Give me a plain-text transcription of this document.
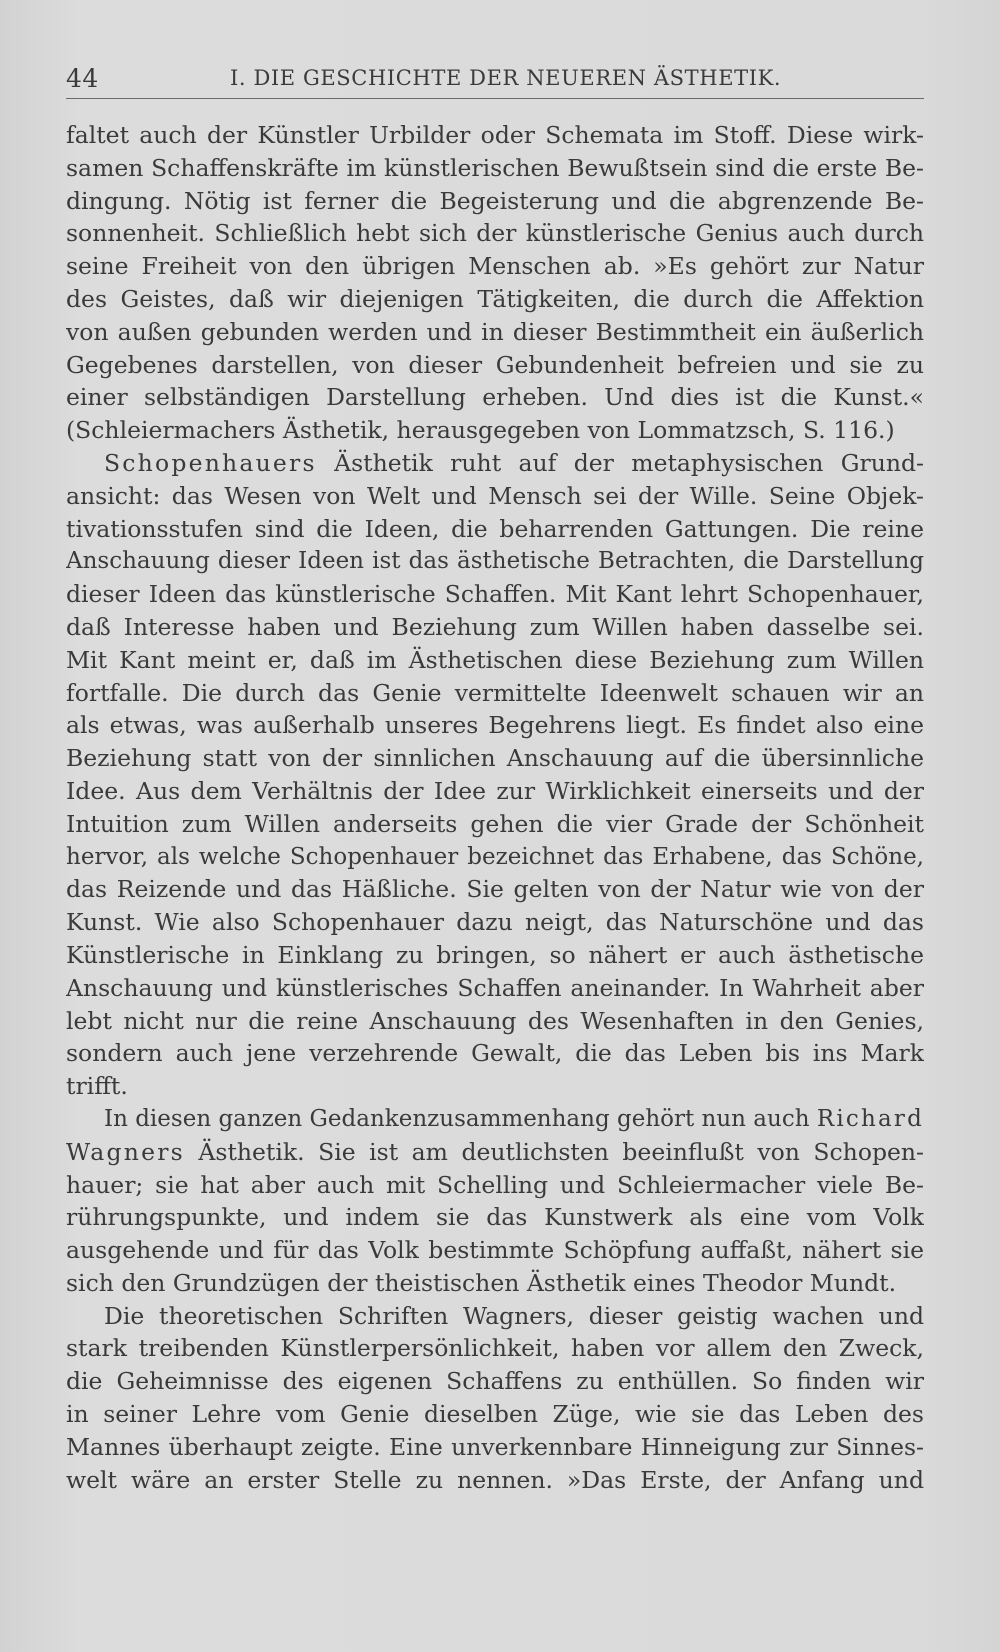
44	I. DIE GESCHICHTE DER NEUEREN ÄSTHETIK.
faltet auch der Künstler Urbilder oder Schemata im Stoff. Diese wirk-
samen Schaffenskräfte im künstlerischen Bewußtsein sind die erste Be-
dingung. Nötig ist ferner die Begeisterung und die abgrenzende Be-
sonnenheit. Schließlich hebt sich der künstlerische Genius auch durch
seine Freiheit von den übrigen Menschen ab. »Es gehört zur Natur
des Geistes, daß wir diejenigen Tätigkeiten, die durch die Affektion
von außen gebunden werden und in dieser Bestimmtheit ein äußerlich
Gegebenes darstellen, von dieser Gebundenheit befreien und sie zu
einer selbständigen Darstellung erheben. Und dies ist die Kunst.«
(Schleiermachers Ästhetik, herausgegeben von Lommatzsch, S. 116.)
Schopenhauers Ästhetik ruht auf der metaphysischen Grund-
ansicht: das Wesen von Welt und Mensch sei der Wille. Seine Objek-
tivationsstufen sind die Ideen, die beharrenden Gattungen. Die reine
Anschauung dieser Ideen ist das ästhetische Betrachten, die Darstellung
dieser Ideen das künstlerische Schaffen. Mit Kant lehrt Schopenhauer,
daß Interesse haben und Beziehung zum Willen haben dasselbe sei.
Mit Kant meint er, daß im Ästhetischen diese Beziehung zum Willen
fortfalle. Die durch das Genie vermittelte Ideenwelt schauen wir an
als etwas, was außerhalb unseres Begehrens liegt. Es findet also eine
Beziehung statt von der sinnlichen Anschauung auf die übersinnliche
Idee. Aus dem Verhältnis der Idee zur Wirklichkeit einerseits und der
Intuition zum Willen anderseits gehen die vier Grade der Schönheit
hervor, als welche Schopenhauer bezeichnet das Erhabene, das Schöne,
das Reizende und das Häßliche. Sie gelten von der Natur wie von der
Kunst. Wie also Schopenhauer dazu neigt, das Naturschöne und das
Künstlerische in Einklang zu bringen, so nähert er auch ästhetische
Anschauung und künstlerisches Schaffen aneinander. In Wahrheit aber
lebt nicht nur die reine Anschauung des Wesenhaften in den Genies,
sondern auch jene verzehrende Gewalt, die das Leben bis ins Mark
trifft.
In diesen ganzen Gedankenzusammenhang gehört nun auch Richard
Wagners Ästhetik. Sie ist am deutlichsten beeinflußt von Schopen-
hauer; sie hat aber auch mit Schelling und Schleiermacher viele Be-
rührungspunkte, und indem sie das Kunstwerk als eine vom Volk
ausgehende und für das Volk bestimmte Schöpfung auffaßt, nähert sie
sich den Grundzügen der theistischen Ästhetik eines Theodor Mundt.
Die theoretischen Schriften Wagners, dieser geistig wachen und
stark treibenden Künstlerpersönlichkeit, haben vor allem den Zweck,
die Geheimnisse des eigenen Schaffens zu enthüllen. So finden wir
in seiner Lehre vom Genie dieselben Züge, wie sie das Leben des
Mannes überhaupt zeigte. Eine unverkennbare Hinneigung zur Sinnes-
welt wäre an erster Stelle zu nennen. »Das Erste, der Anfang und
